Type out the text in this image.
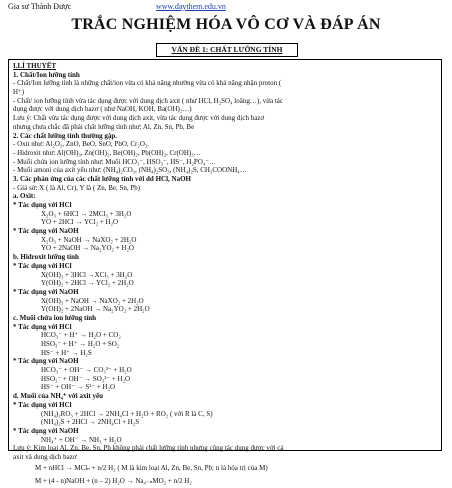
Gia sư Thành Được	www.daythem.edu.vn
TRẮC NGHIỆM HÓA VÔ CƠ VÀ ĐÁP ÁN
VẤN ĐỀ 1: CHẤT LƯỠNG TÍNH
I.LÍ THUYẾT
1. Chất/Ion lưỡng tính
- Chất/Ion lưỡng tính là những chất/ion vừa có khả năng nhường vừa có khả năng nhận proton (
H⁺)
- Chất/ ion lưỡng tính vừa tác dụng được với dung dịch axit ( như HCl, H₂SO₄ loãng…), vừa tác
dụng được với dung dịch bazơ ( như NaOH, KOH, Ba(OH)₂…)
Lưu ý: Chất vừa tác dụng được với dung dịch axit, vừa tác dụng được với dung dịch bazơ
nhưng chưa chắc đã phải chất lưỡng tính như: Al, Zn, Sn, Pb, Be
2. Các chất lưỡng tính thường gặp.
- Oxit như: Al₂O₃, ZnO, BeO, SnO, PbO, Cr₂O₃.
- Hidroxit như: Al(OH)₃, Zn(OH)₂, Be(OH)₂, Pb(OH)₂, Cr(OH)₃…
- Muối chứa ion lưỡng tính như: Muối HCO₃⁻, HSO₃⁻, HS⁻, H₂PO₄⁻…
- Muối amoni của axit yếu như: (NH₄)₂CO₃, (NH₄)₂SO₃, (NH₄)₂S, CH₃COONH₄…
3. Các phản ứng của các chất lưỡng tính với dd HCl, NaOH
- Giả sử: X ( là Al, Cr), Y là ( Zn, Be, Sn, Pb)
a. Oxit:
* Tác dụng với HCl
X₂O₃ + 6HCl → 2MCl₃ + 3H₂O
YO + 2HCl → YCl₂ + H₂O
* Tác dụng với NaOH
X₂O₃ + NaOH → NaXO₂ + 2H₂O
YO + 2NaOH → Na₂YO₂ + H₂O
b. Hidroxit lưỡng tính
* Tác dụng với HCl
X(OH)₃ + 3HCl →XCl₃ + 3H₂O
Y(OH)₂ + 2HCl → YCl₂ + 2H₂O
* Tác dụng với NaOH
X(OH)₃ + NaOH → NaXO₂ + 2H₂O
Y(OH)₂ + 2NaOH → Na₂YO₂ + 2H₂O
c. Muối chứa ion lưỡng tính
* Tác dụng với HCl
HCO₃⁻ + H⁺ → H₂O + CO₂
HSO₃⁻ + H⁺ → H₂O + SO₂
HS⁻ + H⁺ → H₂S
* Tác dụng với NaOH
HCO₃⁻ + OH⁻ → CO₃²⁻ + H₂O
HSO₃⁻ + OH⁻ → SO₃²⁻ + H₂O
HS⁻ + OH⁻ → S²⁻ + H₂O
d. Muối của NH₄⁺ với axit yếu
* Tác dụng với HCl
(NH₄)₂RO₃ + 2HCl → 2NH₄Cl + H₂O + RO₂ ( với R là C, S)
(NH₄)₂S + 2HCl → 2NH₄Cl + H₂S
* Tác dụng với NaOH
NH₄⁺ + OH⁻ → NH₃ + H₂O
Lưu ý: Kim loại Al, Zn, Be, Sn, Pb không phải chất lưỡng tính nhưng cũng tác dụng được với cả
axit và dung dịch bazơ
M + nHCl → MClₙ + n/2 H₂ ( M là kim loại Al, Zn, Be, Sn, Pb; n là hóa trị của M)
M + (4 - n)NaOH + (n – 2) H₂O → Na₄₋ₙMO₂ + n/2 H₂
